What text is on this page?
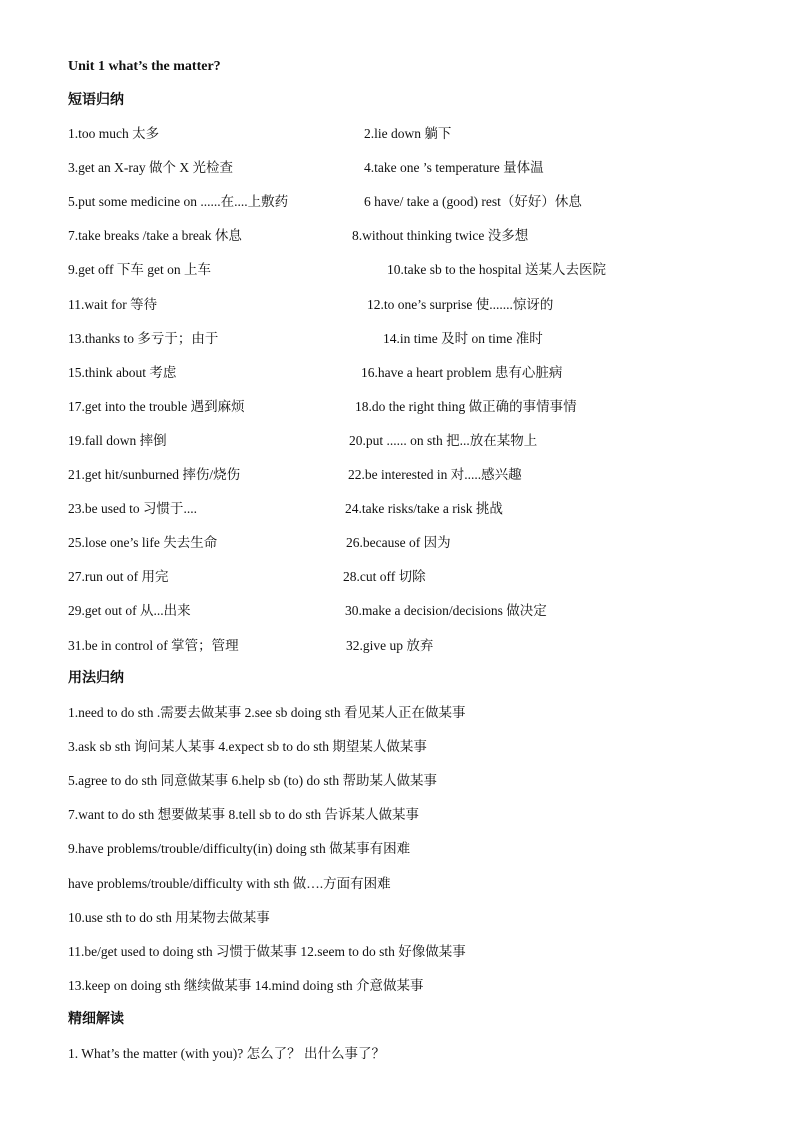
Unit 1 what’s the matter?
短语归纳
1.too much 太多	2.lie down 躺下
3.get an X-ray 做个 X 光检查	4.take one ’s temperature 量体温
5.put some medicine on ......在....上敷药	6 have/ take a (good) rest（好好）休息
7.take breaks /take a break 休息	8.without thinking twice 没多想
9.get off 下车 get on 上车	10.take sb to the hospital 送某人去医院
11.wait for 等待	12.to one’s surprise 使.......惊讶的
13.thanks to 多亏于；由于	14.in time 及时 on time 准时
15.think about 考虑	16.have a heart problem 患有心脏病
17.get into the trouble 遇到麻烦	18.do the right thing 做正确的事情事情
19.fall down 摔倒	20.put ...... on sth 把...放在某物上
21.get hit/sunburned 摔伤/烧伤	22.be interested in 对.....感兴趣
23.be used to 习惯于....	24.take risks/take a risk 挑战
25.lose one’s life 失去生命	26.because of 因为
27.run out of 用完	28.cut off 切除
29.get out of 从...出来	30.make a decision/decisions 做决定
31.be in control of 掌管；管理	32.give up 放弃
用法归纳
1.need to do sth .需要去做某事 2.see sb doing sth 看见某人正在做某事
3.ask sb sth 询问某人某事 4.expect sb to do sth 期望某人做某事
5.agree to do sth 同意做某事 6.help sb (to) do sth 帮助某人做某事
7.want to do sth 想要做某事 8.tell sb to do sth 告诉某人做某事
9.have problems/trouble/difficulty(in) doing sth 做某事有困难
have problems/trouble/difficulty with sth 做….方面有困难
10.use sth to do sth 用某物去做某事
11.be/get used to doing sth 习惯于做某事 12.seem to do sth 好像做某事
13.keep on doing sth 继续做某事 14.mind doing sth 介意做某事
精细解读
1. What’s the matter (with you)? 怎么了？ 出什么事了？
